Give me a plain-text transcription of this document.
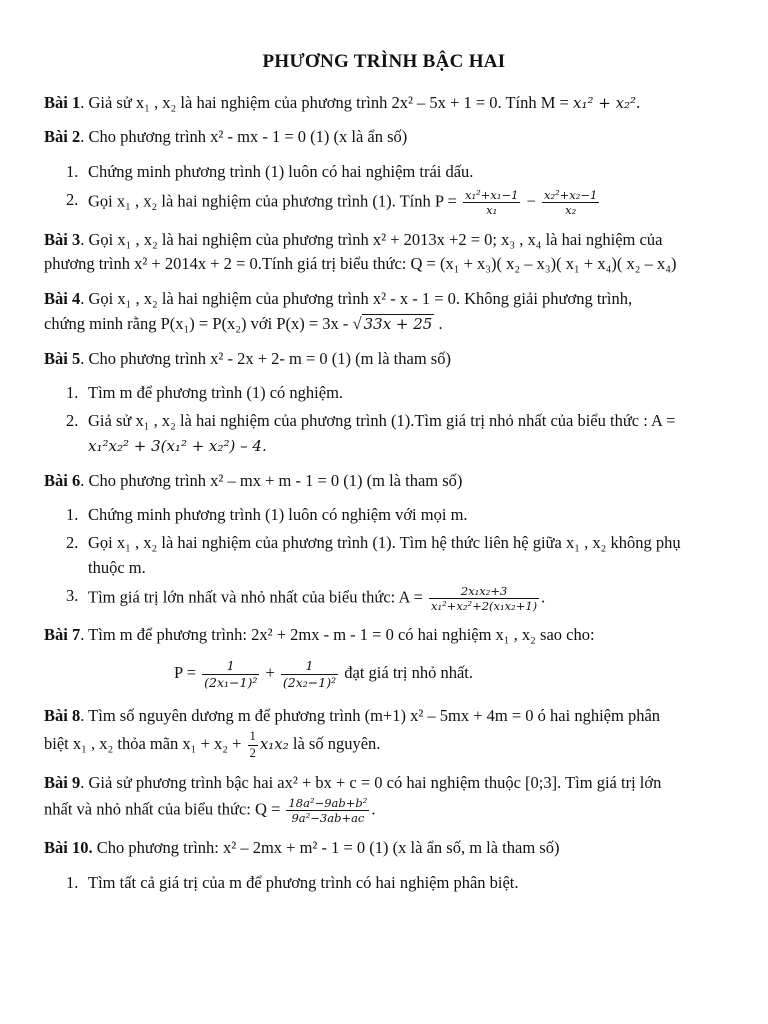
PHƯƠNG TRÌNH BẬC HAI
Bài 1. Giả sử x₁ , x₂ là hai nghiệm của phương trình 2x² – 5x + 1 = 0. Tính M = x₁² + x₂².
Bài 2. Cho phương trình x² - mx - 1 = 0 (1) (x là ẩn số)
1. Chứng minh phương trình (1) luôn có hai nghiệm trái dấu.
2. Gọi x₁ , x₂ là hai nghiệm của phương trình (1). Tính $P = \frac{\text{x₁²+x₁−1}}{\text{x₁}} - \frac{\text{x₂²+x₂−1}}{\text{x₂}}$
Bài 3. Gọi x₁ , x₂ là hai nghiệm của phương trình x² + 2013x +2 = 0; x₃ , x₄ là hai nghiệm của
phương trình x² + 2014x + 2 = 0.Tính giá trị biểu thức: Q = (x₁ + x₃)( x₂ – x₃)( x₁ + x₄)( x₂ – x₄)
Bài 4. Gọi x₁ , x₂ là hai nghiệm của phương trình x² - x - 1 = 0. Không giải phương trình,
chứng minh rằng P(x₁) = P(x₂) với P(x) = 3x - √ 33x + 25 .
Bài 5. Cho phương trình x² - 2x + 2- m = 0 (1) (m là tham số)
1. Tìm m để phương trình (1) có nghiệm.
2. Giả sử x₁ , x₂ là hai nghiệm của phương trình (1).Tìm giá trị nhỏ nhất của biểu thức : A =
x₁²x₂² + 3(x₁² + x₂²) – 4.
Bài 6. Cho phương trình x² – mx + m - 1 = 0 (1) (m là tham số)
1. Chứng minh phương trình (1) luôn có nghiệm với mọi m.
2. Gọi x₁ , x₂ là hai nghiệm của phương trình (1). Tìm hệ thức liên hệ giữa x₁ , x₂ không phụ
thuộc m.
3. Tìm giá trị lớn nhất và nhỏ nhất của biểu thức: $A = \frac{\text{2x₁x₂+3}}{\text{x₁²+x₂²+2(x₁x₂+1)}}$ .
Bài 7. Tìm m để phương trình: 2x² + 2mx - m - 1 = 0 có hai nghiệm x₁ , x₂ sao cho:
$P = \frac{1}{\text{(2x₁−1)²}} + \frac{1}{\text{(2x₂−1)²}}$ đạt giá trị nhỏ nhất.
Bài 8. Tìm số nguyên dương m để phương trình (m+1) x² – 5mx + 4m = 0 ó hai nghiệm phân
biệt x₁ , x₂ thỏa mãn $x_1 + x_2 + \frac{1}{2} x_1x_2$ là số nguyên.
Bài 9. Giả sử phương trình bậc hai ax² + bx + c = 0 có hai nghiệm thuộc [0;3]. Tìm giá trị lớn
nhất và nhỏ nhất của biểu thức: $Q = \frac{\text{18a²−9ab+b²}}{\text{9a²−3ab+ac}}$ .
Bài 10. Cho phương trình: x² – 2mx + m² - 1 = 0 (1) (x là ẩn số, m là tham số)
1. Tìm tất cả giá trị của m để phương trình có hai nghiệm phân biệt.
